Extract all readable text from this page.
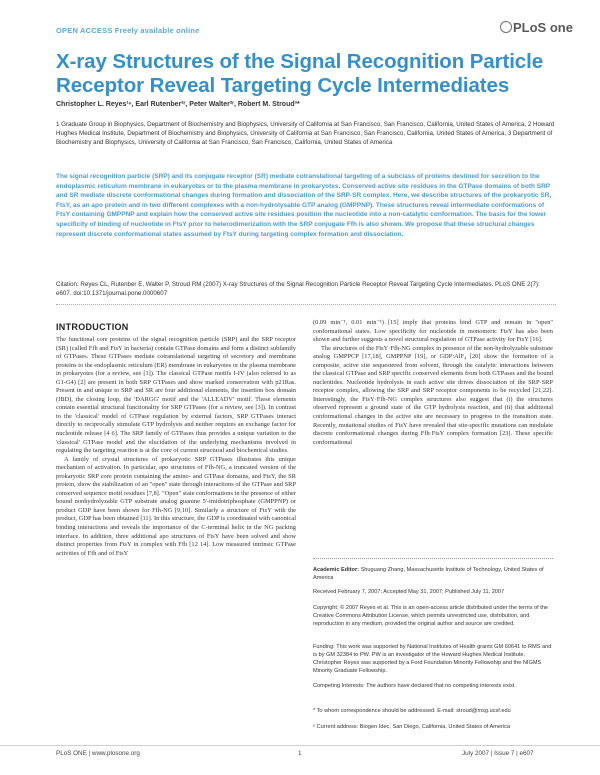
OPEN ACCESS Freely available online	PLoS one
X-ray Structures of the Signal Recognition Particle Receptor Reveal Targeting Cycle Intermediates
Christopher L. Reyes¹ⁿ, Earl Rutenber²ʳ, Peter Walter²ʳ, Robert M. Stroud³*
1 Graduate Group in Biophysics, Department of Biochemistry and Biophysics, University of California at San Francisco, San Francisco, California, United States of America, 2 Howard Hughes Medical Institute, Department of Biochemistry and Biophysics, University of California at San Francisco, San Francisco, California, United States of America, 3 Department of Biochemistry and Biophysics, University of California at San Francisco, San Francisco, California, United States of America
The signal recognition particle (SRP) and its conjugate receptor (SR) mediate cotranslational targeting of a subclass of proteins destined for secretion to the endoplasmic reticulum membrane in eukaryotes or to the plasma membrane in prokaryotes. Conserved active site residues in the GTPase domains of both SRP and SR mediate discrete conformational changes during formation and dissociation of the SRP·SR complex. Here, we describe structures of the prokaryotic SR, FtsY, as an apo protein and in two different complexes with a non-hydrolysable GTP analog (GMPPNP). These structures reveal intermediate conformations of FtsY containing GMPPNP and explain how the conserved active site residues position the nucleotide into a non-catalytic conformation. The basis for the lower specificity of binding of nucleotide in FtsY prior to heterodimerization with the SRP conjugate Ffh is also shown. We propose that these structural changes represent discrete conformational states assumed by FtsY during targeting complex formation and dissociation.
Citation: Reyes CL, Rutenber E, Walter P, Stroud RM (2007) X-ray Structures of the Signal Recognition Particle Receptor Reveal Targeting Cycle Intermediates. PLoS ONE 2(7): e607. doi:10.1371/journal.pone.0000607
INTRODUCTION

The functional core proteins of the signal recognition particle (SRP) and the SRP receptor (SR) (called Ffh and FtsY in bacteria) contain GTPase domains and form a distinct subfamily of GTPases. These GTPases mediate cotranslational targeting of secretory and membrane proteins to the endoplasmic reticulum (ER) membrane in eukaryotes or the plasma membrane in prokaryotes (for a review, see [1]). The classical GTPase motifs I-IV (also referred to as G1-G4) [2] are present in both SRP GTPases and show marked conservation with p21Ras. Present in and unique to SRP and SR are four additional elements, the insertion box domain (IBD), the closing loop, the 'DARGG' motif and the 'ALLEADV' motif. These elements contain essential structural functionality for SRP GTPases (for a review, see [3]). In contrast to the 'classical' model of GTPase regulation by external factors, SRP GTPases interact directly to reciprocally stimulate GTP hydrolysis and neither requires an exchange factor for nucleotide release [4 6]. The SRP family of GTPases thus provides a unique variation to the 'classical' GTPase model and the elucidation of the underlying mechanisms involved in regulating the targeting reaction is at the core of current structural and biochemical studies.

A family of crystal structures of prokaryotic SRP GTPases illustrates this unique mechanism of activation. In particular, apo structures of Ffh-NG, a truncated version of the prokaryotic SRP core protein containing the amino- and GTPase domains, and FtsY, the SR protein, show the stabilization of an "open" state through interactions of the GTPase and SRP conserved sequence motif residues [7,8]. "Open" state conformations in the presence of either bound nonhydrolyzable GTP substrate analog guanine 5'-imidotriphosphate (GMPPNP) or product GDP have been shown for Ffh-NG [9,10]. Similarly a structure of FtsY with the product, GDP has been obtained [11]. In this structure, the GDP is coordinated with canonical binding interactions and reveals the importance of the C-terminal helix in the NG packing interface. In addition, three additional apo structures of FtsY have been solved and show distinct properties from FtsY in complex with Ffh [12 14]. Low measured intrinsic GTPase activities of Ffh and of FtsY

(0.09 min⁻¹, 0.01 min⁻¹) [15] imply that proteins bind GTP and remain in "open" conformational states. Low specificity for nucleotide in monomeric FtsY has also been shown and further suggests a novel structural regulation of GTPase activity for FtsY [16].

The structures of the FtsY·Ffh-NG complex in presence of the non-hydrolyzable substrate analog GMPPCP [17,18], GMPPNP [19], or GDP:AlF₄ [20] show the formation of a composite, active site sequestered from solvent, through the catalytic interactions between the classical GTPase and SRP specific conserved elements from both GTPases and the bound nucleotides. Nucleotide hydrolysis in each active site drives dissociation of the SRP·SRP receptor complex, allowing the SRP and SRP receptor components to be recycled [21,22]. Interestingly, the FtsY·Ffh-NG complex structures also suggest that (i) the structures observed represent a ground state of the GTP hydrolysis reaction, and (ii) that additional conformational changes in the active site are necessary to progress to the transition state. Recently, mutational studies of FtsY have revealed that site-specific mutations can modulate discrete conformational changes during Ffh·FtsY complex formation [23]. These specific conformational

Academic Editor: Shuguang Zhang, Massachusetts Institute of Technology, United States of America
Received February 7, 2007; Accepted May 31, 2007; Published July 11, 2007
Copyright: © 2007 Reyes et al. This is an open-access article distributed under the terms of the Creative Commons Attribution License, which permits unrestricted use, distribution, and reproduction in any medium, provided the original author and source are credited.
Funding: This work was supported by National Institutes of Health grants GM 60641 to RMS and is by GM 32384 to PW. PW is an investigator of the Howard Hughes Medical Institute. Christopher Reyes was supported by a Ford Foundation Minority Fellowship and the NIGMS Minority Graduate Fellowship.
Competing Interests: The authors have declared that no competing interests exist.
* To whom correspondence should be addressed. E-mail: stroud@msg.ucsf.edu
ⁿ Current address: Biogen Idec, San Diego, California, United States of America
PLoS ONE | www.plosone.org	1	July 2007 | Issue 7 | e607
